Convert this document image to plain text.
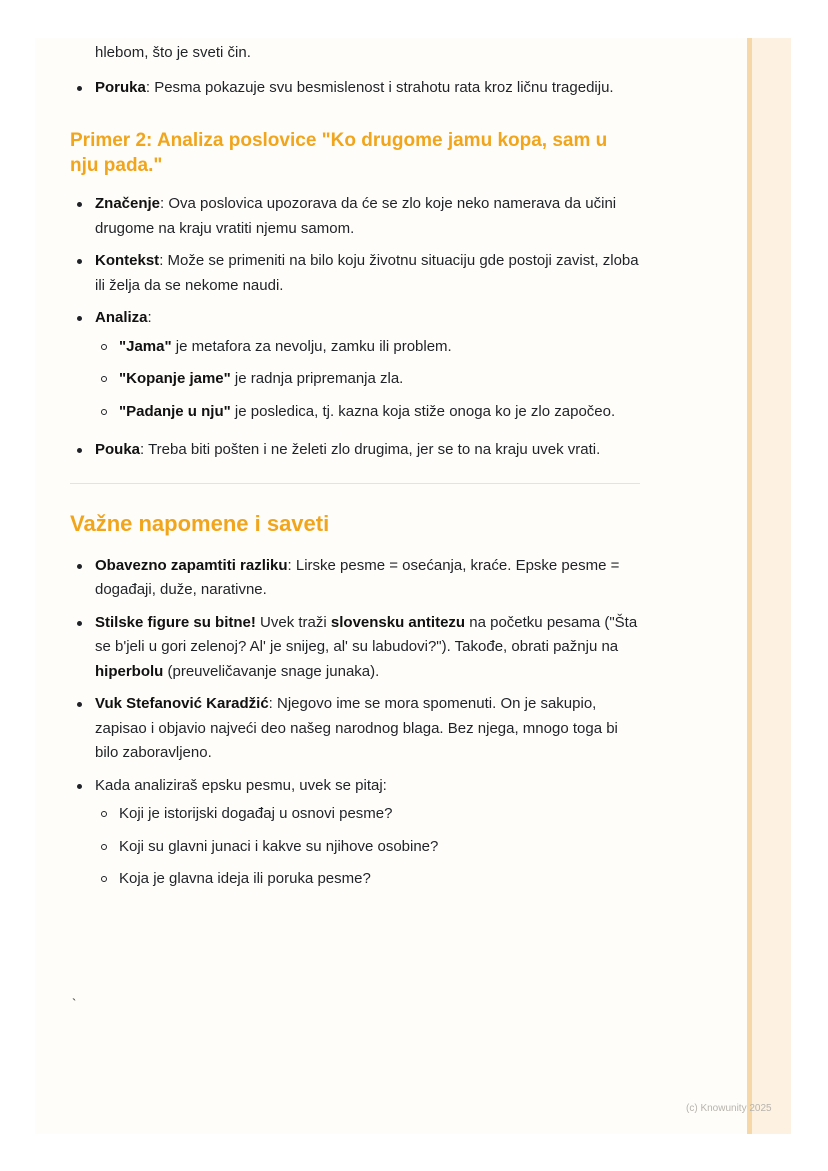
hlebom, što je sveti čin.
Poruka: Pesma pokazuje svu besmislenost i strahotu rata kroz ličnu tragediju.
Primer 2: Analiza poslovice "Ko drugome jamu kopa, sam u nju pada."
Značenje: Ova poslovica upozorava da će se zlo koje neko namerava da učini drugome na kraju vratiti njemu samom.
Kontekst: Može se primeniti na bilo koju životnu situaciju gde postoji zavist, zloba ili želja da se nekome naudi.
Analiza:
"Jama" je metafora za nevolju, zamku ili problem.
"Kopanje jame" je radnja pripremanja zla.
"Padanje u nju" je posledica, tj. kazna koja stiže onoga ko je zlo započeo.
Pouka: Treba biti pošten i ne želeti zlo drugima, jer se to na kraju uvek vrati.
Važne napomene i saveti
Obavezno zapamtiti razliku: Lirske pesme = osećanja, kraće. Epske pesme = događaji, duže, narativne.
Stilske figure su bitne! Uvek traži slovensku antitezu na početku pesama ("Šta se b'jeli u gori zelenoj? Al' je snijeg, al' su labudovi?"). Takođe, obrati pažnju na hiperbolu (preuveličavanje snage junaka).
Vuk Stefanović Karadžić: Njegovo ime se mora spomenuti. On je sakupio, zapisao i objavio najveći deo našeg narodnog blaga. Bez njega, mnogo toga bi bilo zaboravljeno.
Kada analiziraš epsku pesmu, uvek se pitaj:
Koji je istorijski događaj u osnovi pesme?
Koji su glavni junaci i kakve su njihove osobine?
Koja je glavna ideja ili poruka pesme?
`
(c) Knowunity 2025
